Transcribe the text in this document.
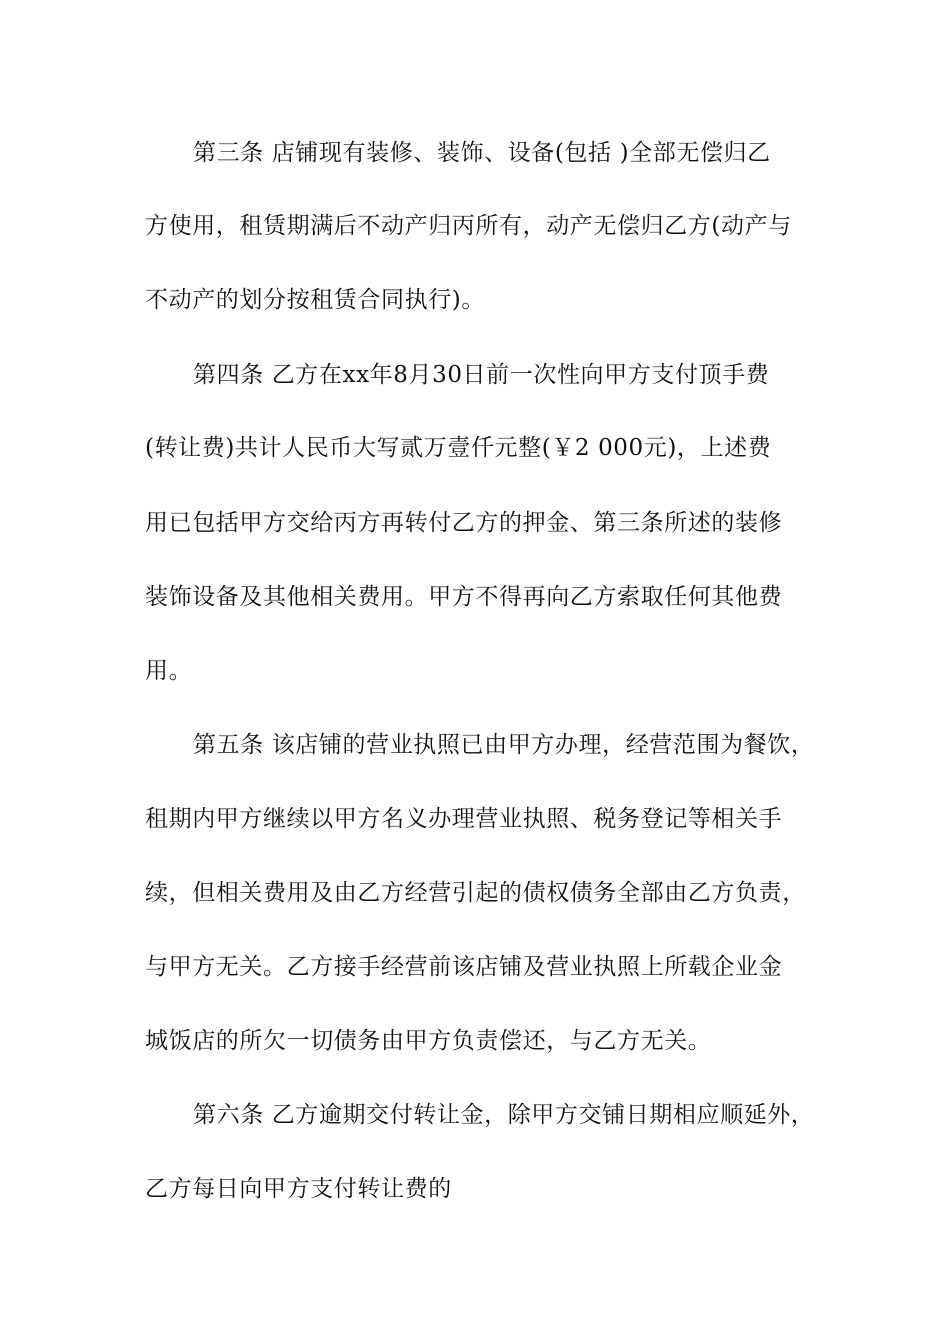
第三条 店铺现有装修、装饰、设备(包括 )全部无偿归乙
方使用，租赁期满后不动产归丙所有，动产无偿归乙方(动产与
不动产的划分按租赁合同执行)。
第四条 乙方在xx年8月30日前一次性向甲方支付顶手费
(转让费)共计人民币大写贰万壹仟元整(￥2 000元)，上述费
用已包括甲方交给丙方再转付乙方的押金、第三条所述的装修
装饰设备及其他相关费用。甲方不得再向乙方索取任何其他费
用。
第五条 该店铺的营业执照已由甲方办理，经营范围为餐饮，
租期内甲方继续以甲方名义办理营业执照、税务登记等相关手
续，但相关费用及由乙方经营引起的债权债务全部由乙方负责，
与甲方无关。乙方接手经营前该店铺及营业执照上所载企业金
城饭店的所欠一切债务由甲方负责偿还，与乙方无关。
第六条 乙方逾期交付转让金，除甲方交铺日期相应顺延外，
乙方每日向甲方支付转让费的
